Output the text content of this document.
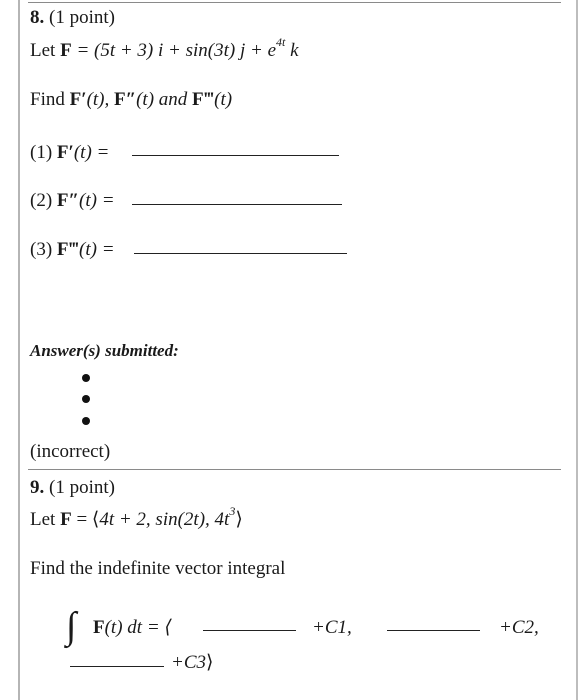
8. (1 point)
Let F = (5t + 3) i + sin(3t) $j + e^{4t}$ k
Find F′(t), F″(t) and F‴(t)
(1) F′(t) =
(2) F″(t) =
(3) F‴(t) =
Answer(s) submitted:
(incorrect)
9. (1 point)
Let F = ⟨4t + 2, sin(2t), $4t^3⟩$
Find the indefinite vector integral
∫ F(t) dt = ⟨	+C1,	+C2,
+C3⟩
